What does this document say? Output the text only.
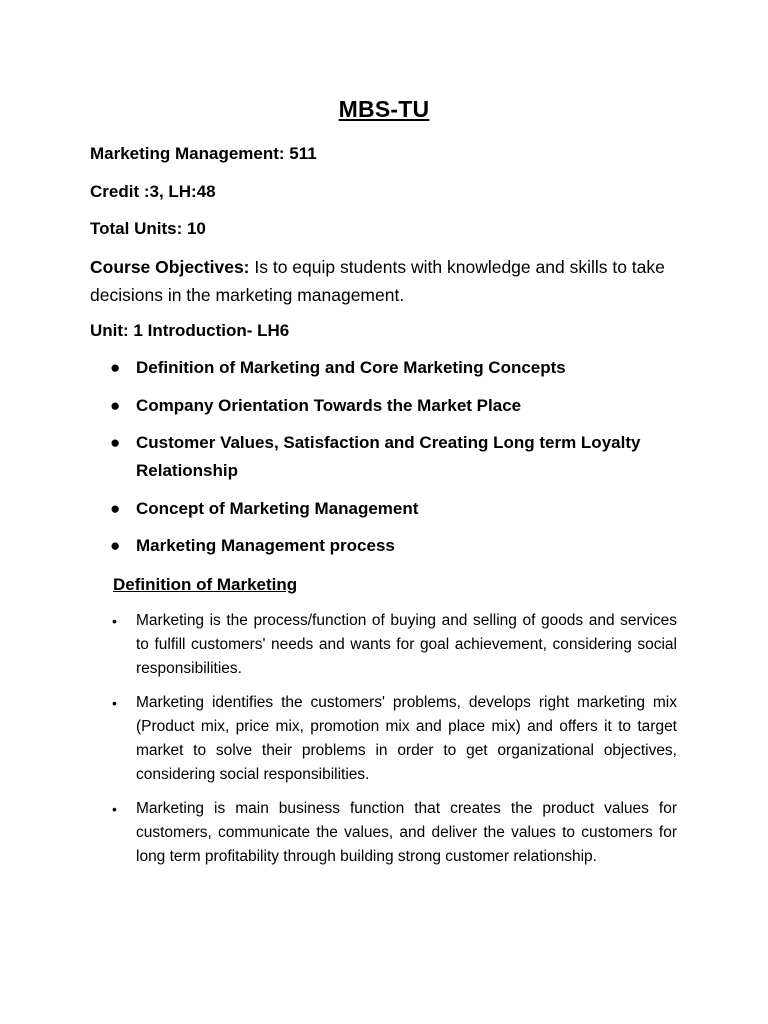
MBS-TU
Marketing Management: 511
Credit :3, LH:48
Total Units: 10
Course Objectives: Is to equip students with knowledge and skills to take decisions in the marketing management.
Unit: 1 Introduction- LH6
● Definition of Marketing and Core Marketing Concepts
● Company Orientation Towards the Market Place
● Customer Values, Satisfaction and Creating Long term Loyalty Relationship
● Concept of Marketing Management
● Marketing Management process
Definition of Marketing
• Marketing is the process/function of buying and selling of goods and services to fulfill customers' needs and wants for goal achievement, considering social responsibilities.
• Marketing identifies the customers' problems, develops right marketing mix (Product mix, price mix, promotion mix and place mix) and offers it to target market to solve their problems in order to get organizational objectives, considering social responsibilities.
• Marketing is main business function that creates the product values for customers, communicate the values, and deliver the values to customers for long term profitability through building strong customer relationship.
